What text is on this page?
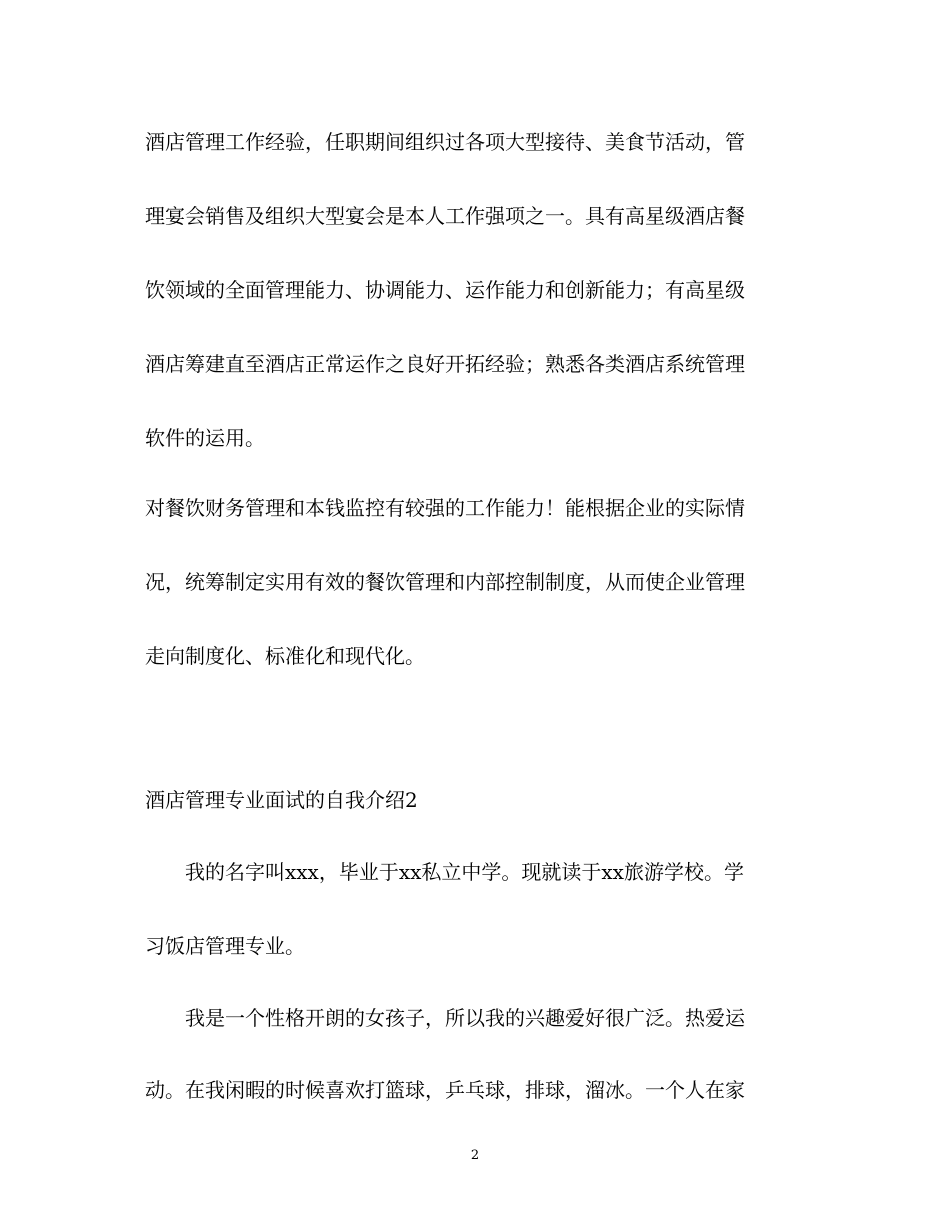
酒店管理工作经验，任职期间组织过各项大型接待、美食节活动，管
理宴会销售及组织大型宴会是本人工作强项之一。具有高星级酒店餐
饮领域的全面管理能力、协调能力、运作能力和创新能力；有高星级
酒店筹建直至酒店正常运作之良好开拓经验；熟悉各类酒店系统管理
软件的运用。
对餐饮财务管理和本钱监控有较强的工作能力！能根据企业的实际情
况，统筹制定实用有效的餐饮管理和内部控制制度，从而使企业管理
走向制度化、标准化和现代化。
酒店管理专业面试的自我介绍2
我的名字叫xxx，毕业于xx私立中学。现就读于xx旅游学校。学
习饭店管理专业。
我是一个性格开朗的女孩子，所以我的兴趣爱好很广泛。热爱运
动。在我闲暇的时候喜欢打篮球，乒乓球，排球，溜冰。一个人在家
2
